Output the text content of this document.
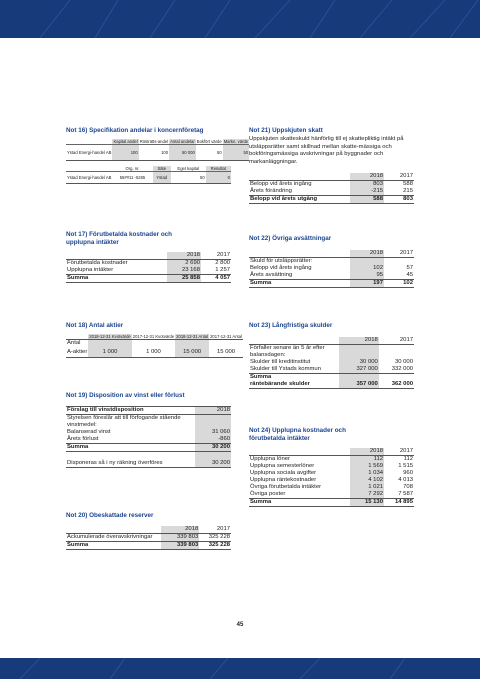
Not 16) Specifikation andelar i koncernföretag
	Kapital andel	Rösträtts-andel	Antal andelar	Bokfört värde	Markn. värde
Ystad Energi-handel AB	100	100	50 000	50	50
	Org. nr.	Säte	Eget kapital	Resultat
Ystad Energi-handel AB	55##11 -5265	Ystad	50	0
Not 17) Förutbetalda kostnader och upplupna intäkter
	2018	2017
Förutbetalda kostnader	2 690	2 800
Upplupna intäkter	23 168	1 257
Summa	25 858	4 057
Not 18) Antal aktier
	2018-12-31 Kvotvärde	2017-12-31 Kvotvärde	2018-12-31 Antal	2017-12-31 Antal
Antal				
A-aktier	1 000	1 000	15 000	15 000
Not 19) Disposition av vinst eller förlust
Förslag till vinstdisposition	2018
Styrelsen föreslår att till förfogande stående vinstmedel:	
Balanserad vinst	31 060
Årets förlust	-860
Summa	30 200

Disponeras så i ny räkning överföres	30 200
Not 20) Obeskattade reserver
	2018	2017
Ackumulerade överavskrivningar	339 803	325 228
Summa	339 803	325 228
Not 21) Uppskjuten skatt
Uppskjuten skatteskuld hänförlig till ej skattepliktig intäkt på utsläppsrätter samt skillnad mellan skatte-mässiga och bokföringsmässiga avskrivningar på byggnader och markanläggningar.
	2018	2017
Belopp vid årets ingång	803	588
Årets förändring	-215	215
Belopp vid årets utgång	588	803
Not 22) Övriga avsättningar
	2018	2017
Skuld för utsläppsrätter:		
Belopp vid årets ingång	102	57
Årets avsättning	95	45
Summa	197	102
Not 23) Långfristiga skulder
	2018	2017
Förfaller senare än 5 år efter balansdagen:		
Skulder till kreditinstitut	30 000	30 000
Skulder till Ystads kommun	327 000	332 000
Summa		
räntebärande skulder	357 000	362 000
Not 24) Upplupna kostnader och förutbetalda intäkter
	2018	2017
Upplupna löner	112	112
Upplupna semesterlöner	1 569	1 515
Upplupna sociala avgifter	1 034	960
Upplupna räntekostnader	4 102	4 013
Övriga förutbetalda intäkter	1 021	708
Övriga poster	7 292	7 587
Summa	15 130	14 895
45
